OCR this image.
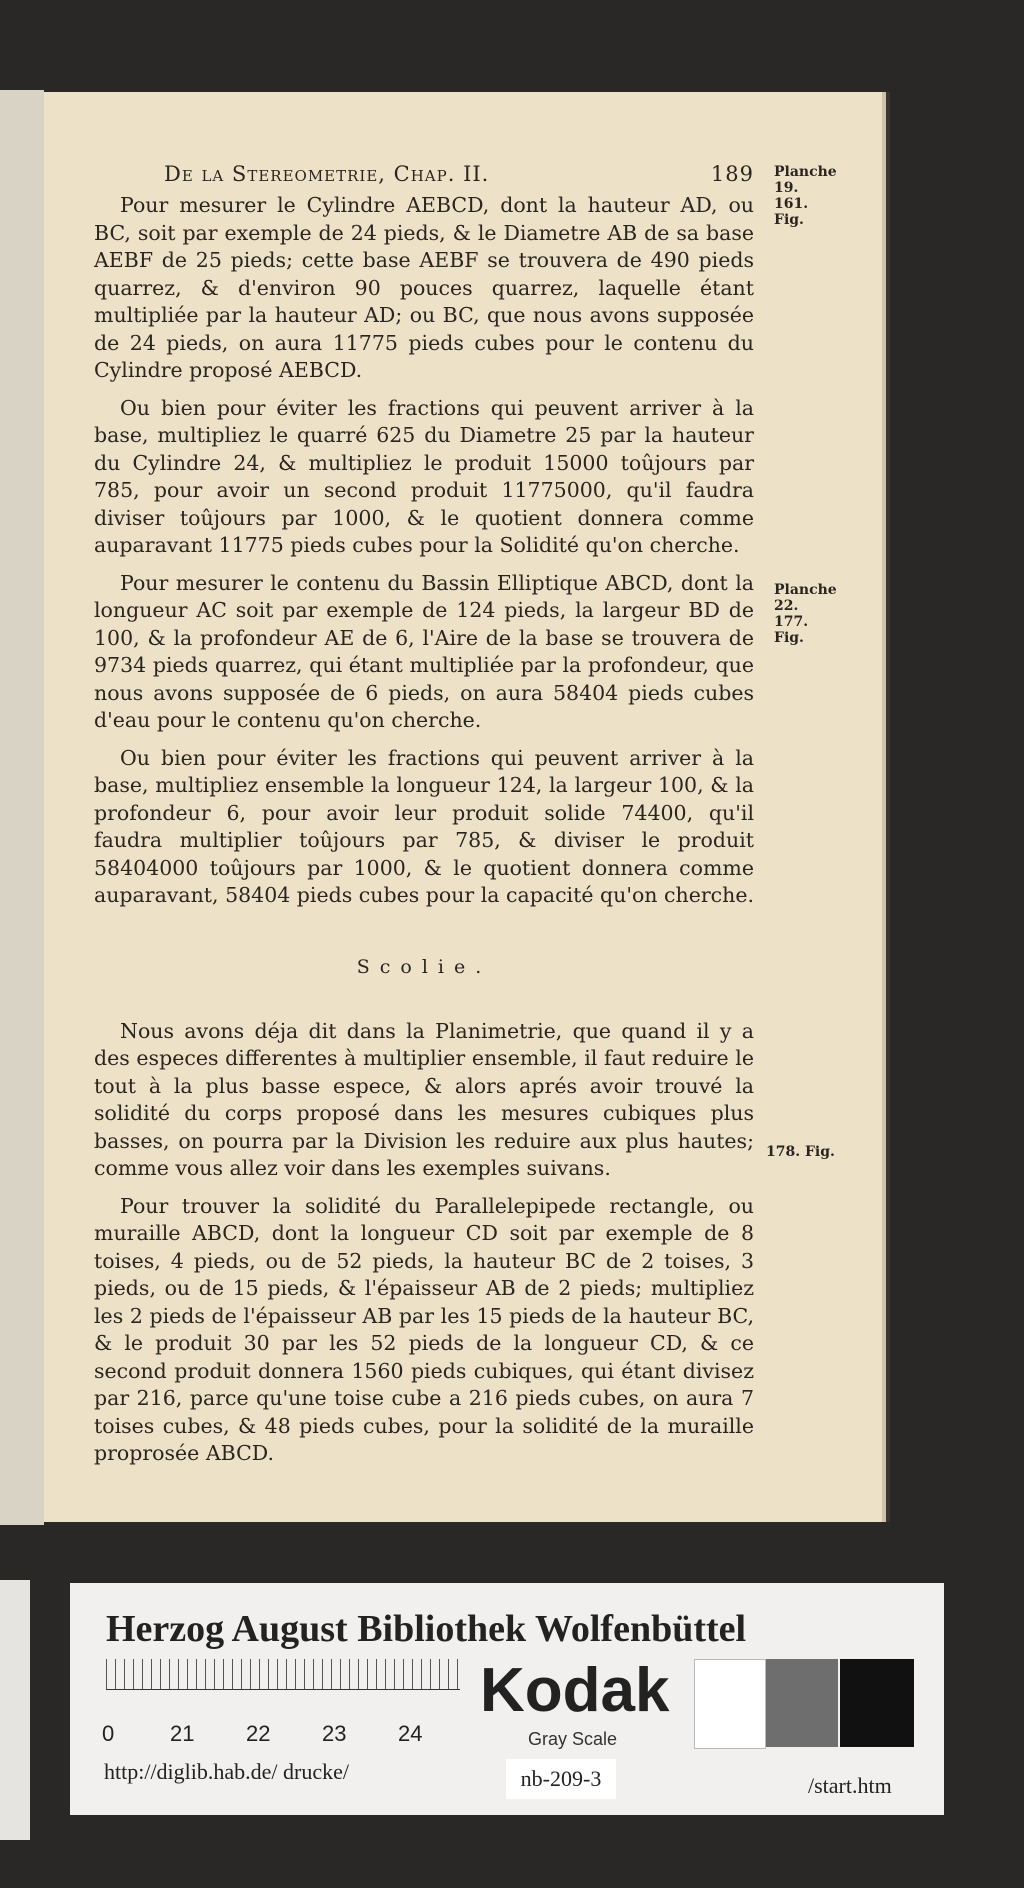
De la Stereometrie, Chap. II.	189

Pour mesurer le Cylindre AEBCD, dont la hauteur AD, ou BC, soit par exemple de 24 pieds, & le Diametre AB de sa base AEBF de 25 pieds; cette base AEBF se trouvera de 490 pieds quarrez, & d'environ 90 pouces quarrez, laquelle étant multipliée par la hauteur AD; ou BC, que nous avons supposée de 24 pieds, on aura 11775 pieds cubes pour le contenu du Cylindre proposé AEBCD.

Ou bien pour éviter les fractions qui peuvent arriver à la base, multipliez le quarré 625 du Diametre 25 par la hauteur du Cylindre 24, & multipliez le produit 15000 toûjours par 785, pour avoir un second produit 11775000, qu'il faudra diviser toûjours par 1000, & le quotient donnera comme auparavant 11775 pieds cubes pour la Solidité qu'on cherche.

Pour mesurer le contenu du Bassin Elliptique ABCD, dont la longueur AC soit par exemple de 124 pieds, la largeur BD de 100, & la profondeur AE de 6, l'Aire de la base se trouvera de 9734 pieds quarrez, qui étant multipliée par la profondeur, que nous avons supposée de 6 pieds, on aura 58404 pieds cubes d'eau pour le contenu qu'on cherche.

Ou bien pour éviter les fractions qui peuvent arriver à la base, multipliez ensemble la longueur 124, la largeur 100, & la profondeur 6, pour avoir leur produit solide 74400, qu'il faudra multiplier toûjours par 785, & diviser le produit 58404000 toûjours par 1000, & le quotient donnera comme auparavant, 58404 pieds cubes pour la capacité qu'on cherche.

Scolie.

Nous avons déja dit dans la Planimetrie, que quand il y a des especes differentes à multiplier ensemble, il faut reduire le tout à la plus basse espece, & alors aprés avoir trouvé la solidité du corps proposé dans les mesures cubiques plus basses, on pourra par la Division les reduire aux plus hautes; comme vous allez voir dans les exemples suivans.

Pour trouver la solidité du Parallelepipede rectangle, ou muraille ABCD, dont la longueur CD soit par exemple de 8 toises, 4 pieds, ou de 52 pieds, la hauteur BC de 2 toises, 3 pieds, ou de 15 pieds, & l'épaisseur AB de 2 pieds; multipliez les 2 pieds de l'épaisseur AB par les 15 pieds de la hauteur BC, & le produit 30 par les 52 pieds de la longueur CD, & ce second produit donnera 1560 pieds cubiques, qui étant divisez par 216, parce qu'une toise cube a 216 pieds cubes, on aura 7 toises cubes, & 48 pieds cubes, pour la solidité de la muraille proprosée ABCD.

Planche 19. 161. Fig.
Planche 22. 177. Fig.
178. Fig.
Herzog August Bibliothek Wolfenbüttel
0	21 22 23 24
Kodak
Gray Scale
http://diglib.hab.de/ drucke/	nb-209-3	/start.htm
